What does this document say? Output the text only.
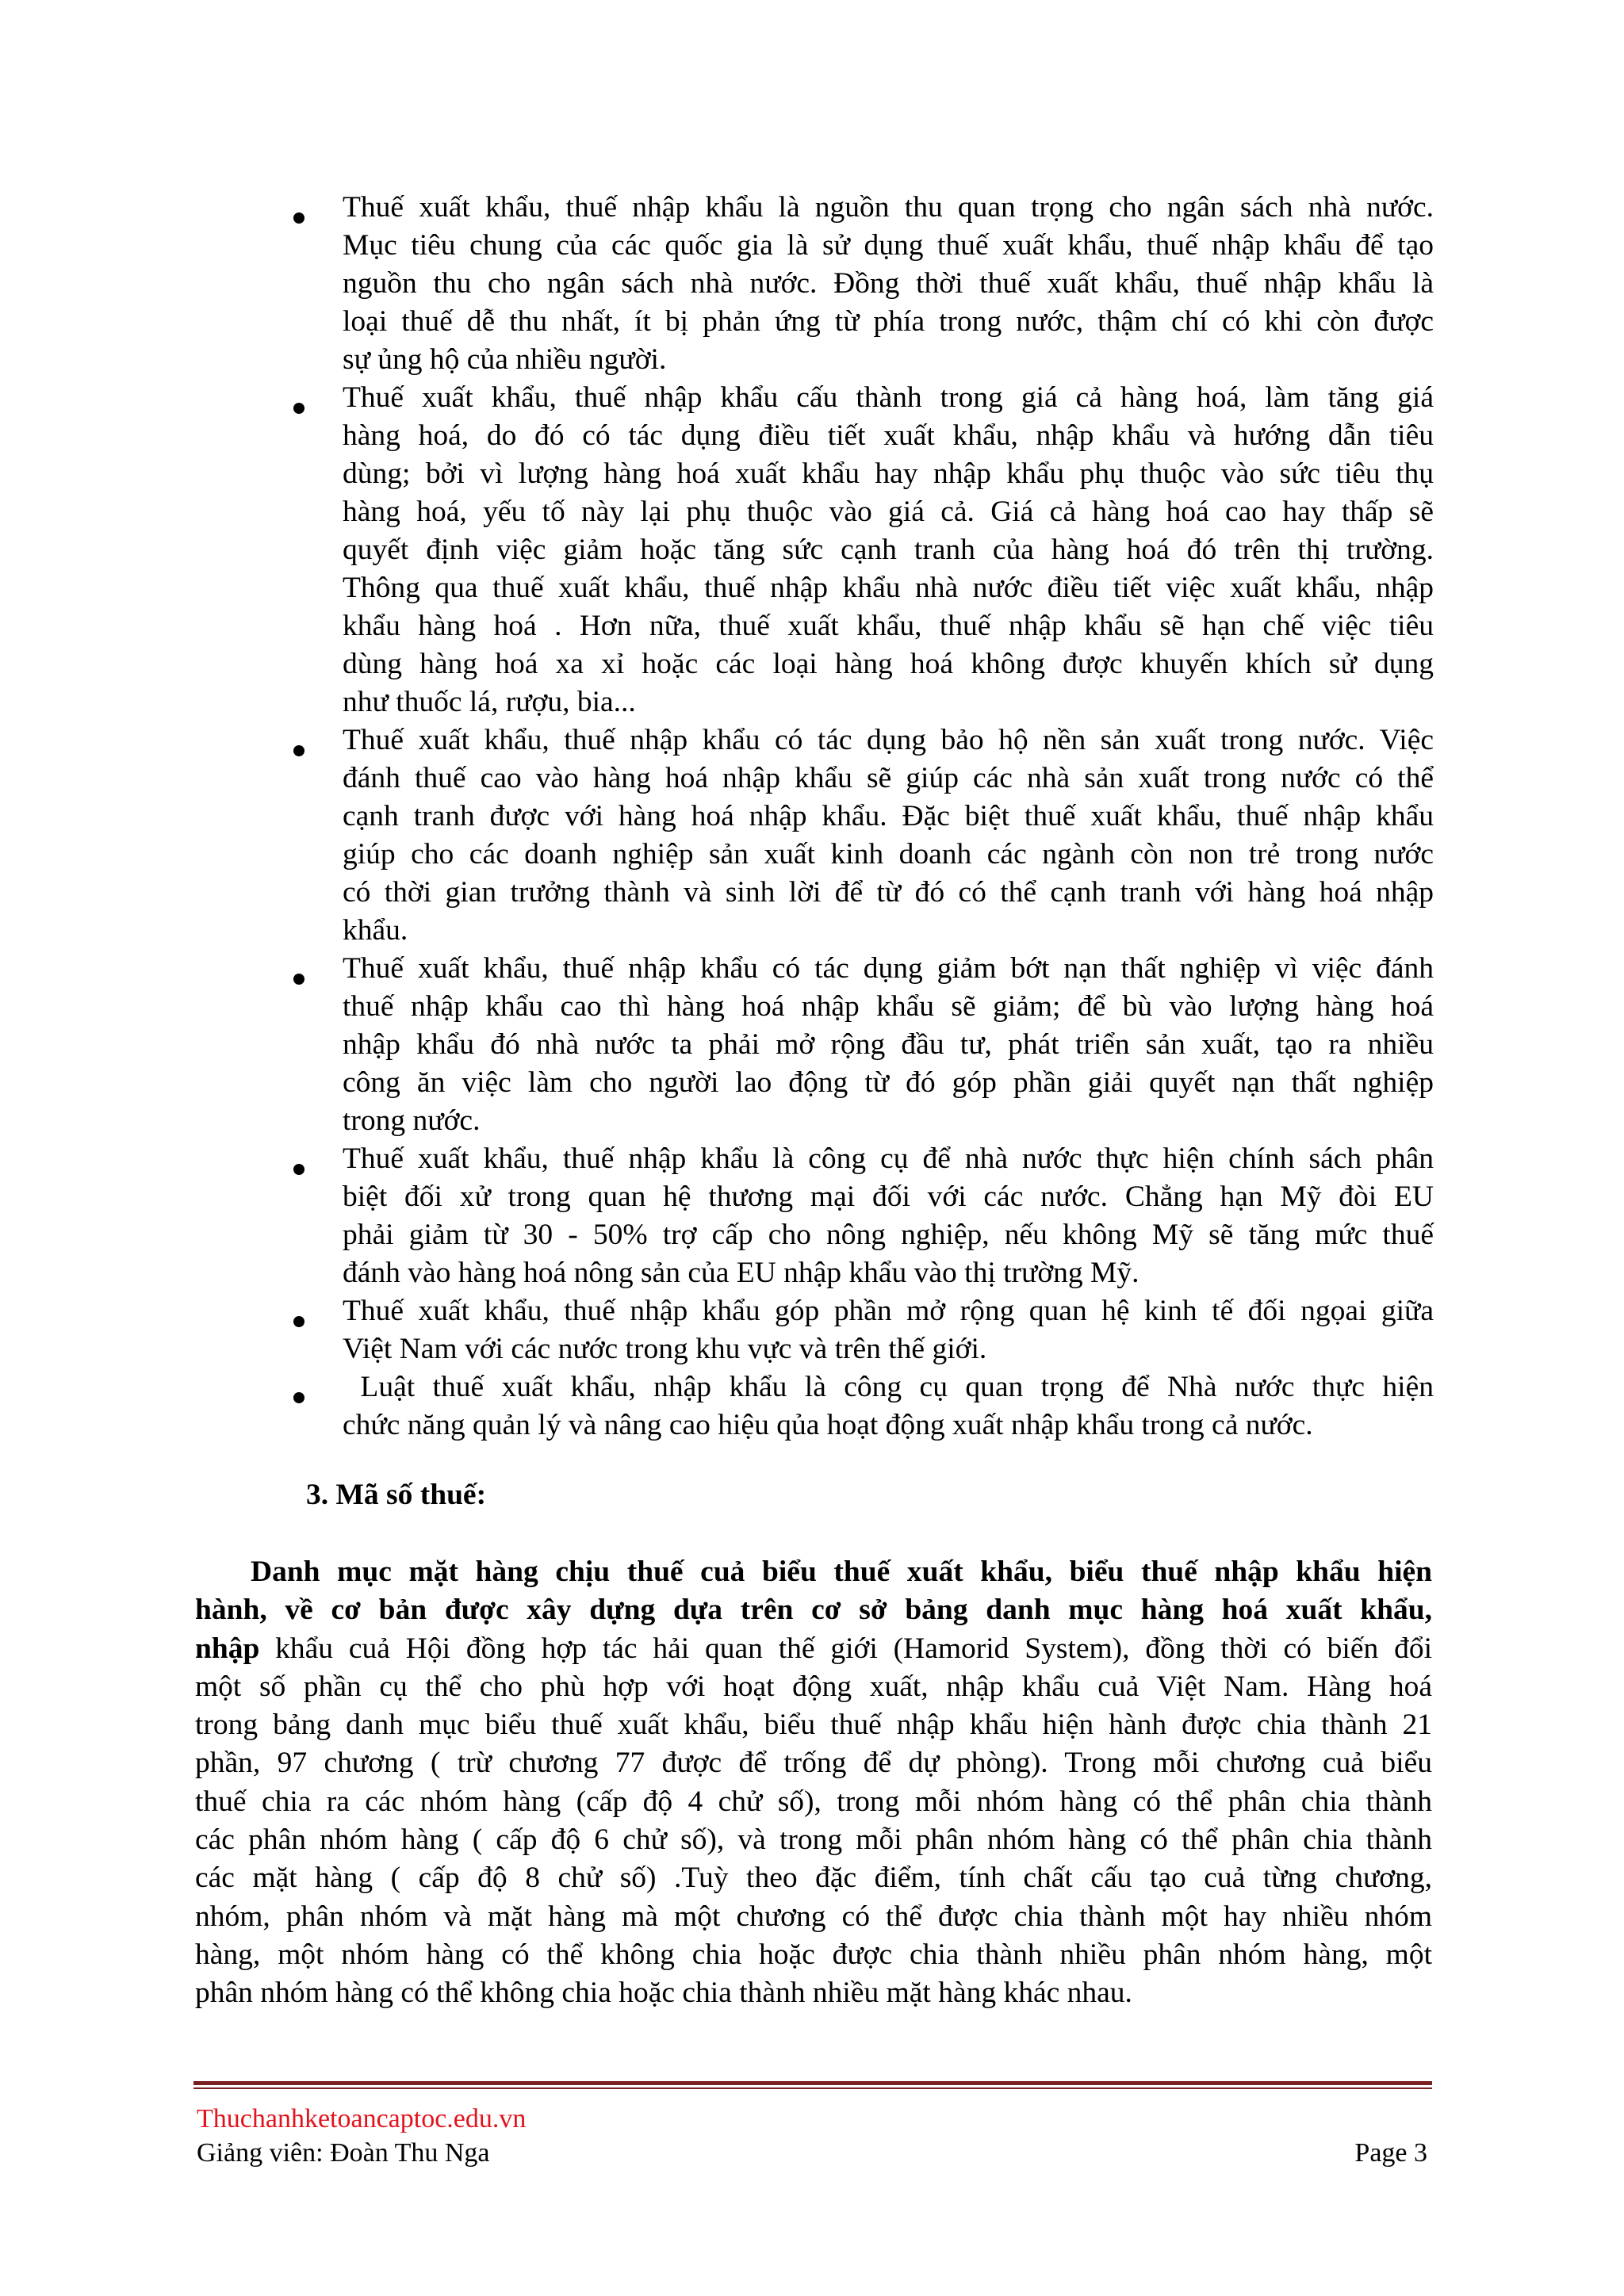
Thuế xuất khẩu, thuế nhập khẩu là nguồn thu quan trọng cho ngân sách nhà nước.
Mục tiêu chung của các quốc gia là sử dụng thuế xuất khẩu, thuế nhập khẩu để tạo
nguồn thu cho ngân sách nhà nước. Đồng thời thuế xuất khẩu, thuế nhập khẩu là
loại thuế dễ thu nhất, ít bị phản ứng từ phía trong nước, thậm chí có khi còn được
sự ủng hộ của nhiều người.
Thuế xuất khẩu, thuế nhập khẩu cấu thành trong giá cả hàng hoá, làm tăng giá
hàng hoá, do đó có tác dụng điều tiết xuất khẩu, nhập khẩu và hướng dẫn tiêu
dùng; bởi vì lượng hàng hoá xuất khẩu hay nhập khẩu phụ thuộc vào sức tiêu thụ
hàng hoá, yếu tố này lại phụ thuộc vào giá cả. Giá cả hàng hoá cao hay thấp sẽ
quyết định việc giảm hoặc tăng sức cạnh tranh của hàng hoá đó trên thị trường.
Thông qua thuế xuất khẩu, thuế nhập khẩu nhà nước điều tiết việc xuất khẩu, nhập
khẩu hàng hoá . Hơn nữa, thuế xuất khẩu, thuế nhập khẩu sẽ hạn chế việc tiêu
dùng hàng hoá xa xỉ hoặc các loại hàng hoá không được khuyến khích sử dụng
như thuốc lá, rượu, bia...
Thuế xuất khẩu, thuế nhập khẩu có tác dụng bảo hộ nền sản xuất trong nước. Việc
đánh thuế cao vào hàng hoá nhập khẩu sẽ giúp các nhà sản xuất trong nước có thể
cạnh tranh được với hàng hoá nhập khẩu. Đặc biệt thuế xuất khẩu, thuế nhập khẩu
giúp cho các doanh nghiệp sản xuất kinh doanh các ngành còn non trẻ trong nước
có thời gian trưởng thành và sinh lời để từ đó có thể cạnh tranh với hàng hoá nhập
khẩu.
Thuế xuất khẩu, thuế nhập khẩu có tác dụng giảm bớt nạn thất nghiệp vì việc đánh
thuế nhập khẩu cao thì hàng hoá nhập khẩu sẽ giảm; để bù vào lượng hàng hoá
nhập khẩu đó nhà nước ta phải mở rộng đầu tư, phát triển sản xuất, tạo ra nhiều
công ăn việc làm cho người lao động từ đó góp phần giải quyết nạn thất nghiệp
trong nước.
Thuế xuất khẩu, thuế nhập khẩu là công cụ để nhà nước thực hiện chính sách phân
biệt đối xử trong quan hệ thương mại đối với các nước. Chẳng hạn Mỹ đòi EU
phải giảm từ 30 - 50% trợ cấp cho nông nghiệp, nếu không Mỹ sẽ tăng mức thuế
đánh vào hàng hoá nông sản của EU nhập khẩu vào thị trường Mỹ.
Thuế xuất khẩu, thuế nhập khẩu góp phần mở rộng quan hệ kinh tế đối ngọai giữa
Việt Nam với các nước trong khu vực và trên thế giới.
Luật thuế xuất khẩu, nhập khẩu là công cụ quan trọng để Nhà nước thực hiện
chức năng quản lý và nâng cao hiệu qủa hoạt động xuất nhập khẩu trong cả nước.
3. Mã số thuế:
Danh mục mặt hàng chịu thuế cuả biểu thuế xuất khẩu, biểu thuế nhập khẩu hiện
hành, về cơ bản được xây dựng dựa trên cơ sở bảng danh mục hàng hoá xuất khẩu,
nhập khẩu cuả Hội đồng hợp tác hải quan thế giới (Hamorid System), đồng thời có biến đổi
một số phần cụ thể cho phù hợp với hoạt động xuất, nhập khẩu cuả Việt Nam. Hàng hoá
trong bảng danh mục biểu thuế xuất khẩu, biểu thuế nhập khẩu hiện hành được chia thành 21
phần, 97 chương ( trừ chương 77 được để trống để dự phòng). Trong mỗi chương cuả biểu
thuế chia ra các nhóm hàng (cấp độ 4 chử số), trong mỗi nhóm hàng có thể phân chia thành
các phân nhóm hàng ( cấp độ 6 chử số), và trong mỗi phân nhóm hàng có thể phân chia thành
các mặt hàng ( cấp độ 8 chử số) .Tuỳ theo đặc điểm, tính chất cấu tạo cuả từng chương,
nhóm, phân nhóm và mặt hàng mà một chương có thể được chia thành một hay nhiều nhóm
hàng, một nhóm hàng có thể không chia hoặc được chia thành nhiều phân nhóm hàng, một
phân nhóm hàng có thể không chia hoặc chia thành nhiều mặt hàng khác nhau.
Thuchanhketoancaptoc.edu.vn
Giảng viên: Đoàn Thu Nga	Page 3
